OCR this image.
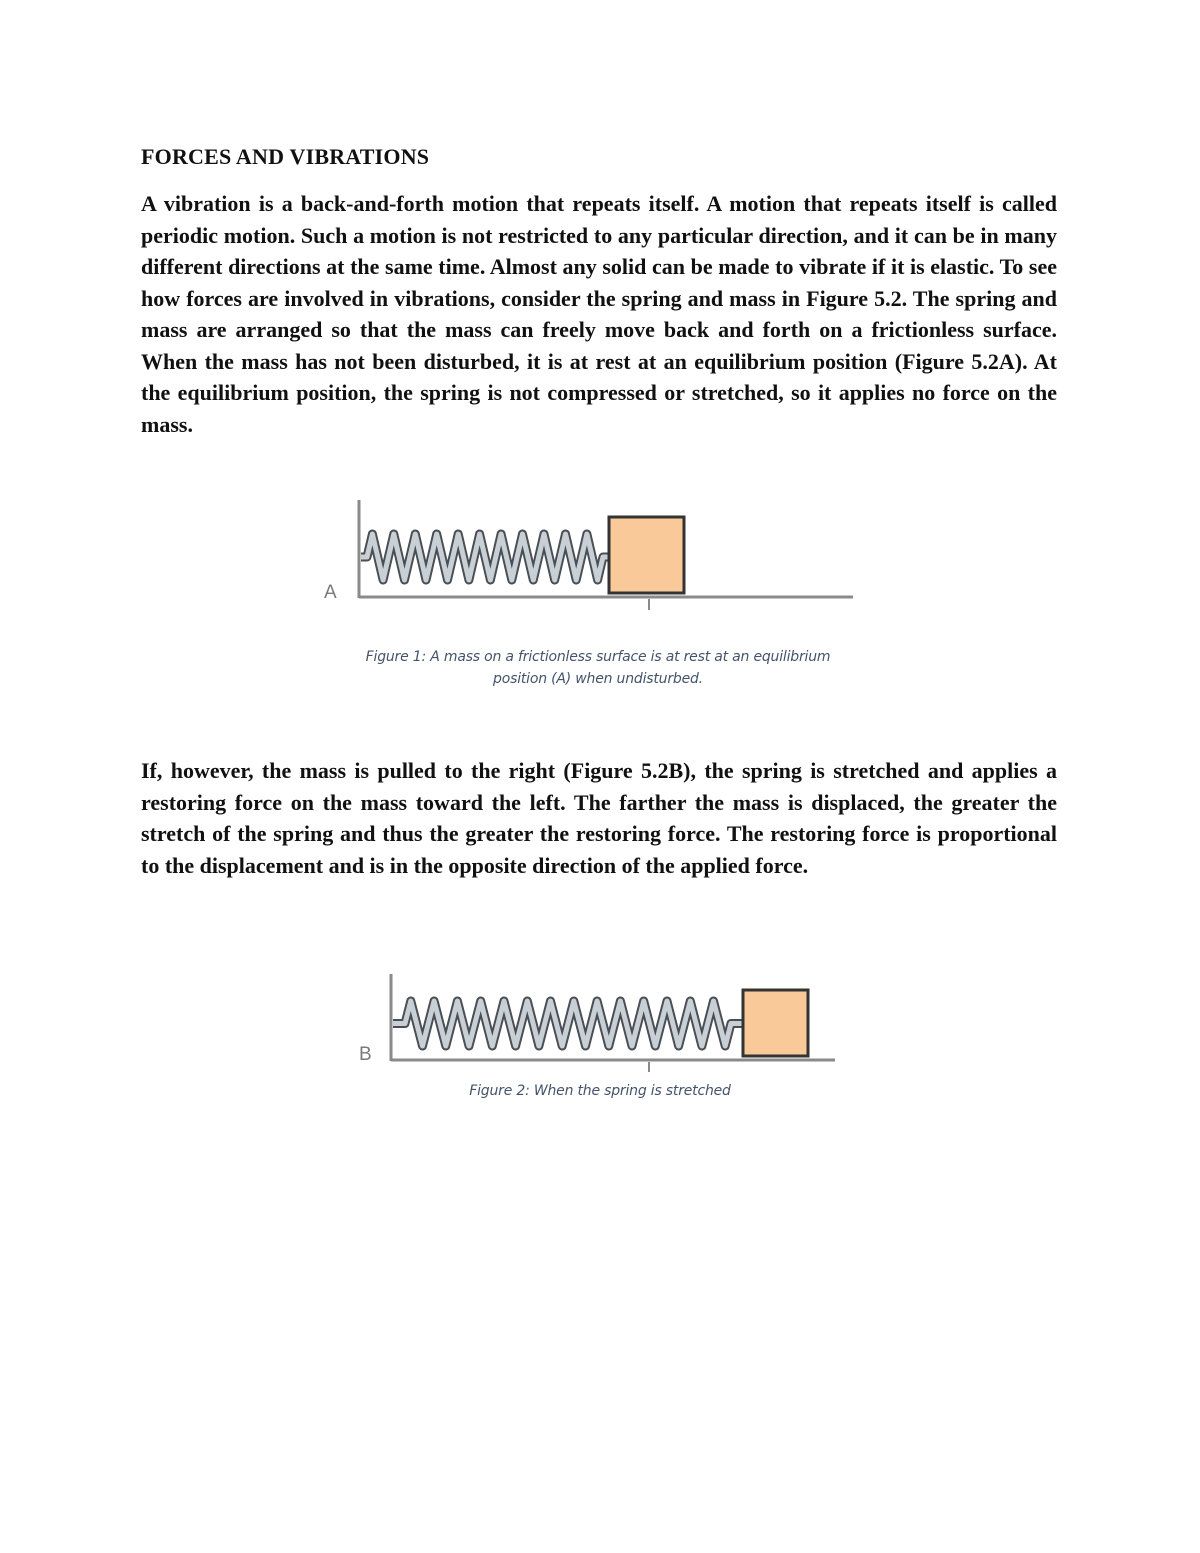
FORCES AND VIBRATIONS

A vibration is a back-and-forth motion that repeats itself. A motion that repeats itself is called periodic motion. Such a motion is not restricted to any particular direction, and it can be in many different directions at the same time. Almost any solid can be made to vibrate if it is elastic. To see how forces are involved in vibrations, consider the spring and mass in Figure 5.2. The spring and mass are arranged so that the mass can freely move back and forth on a frictionless surface. When the mass has not been disturbed, it is at rest at an equilibrium position (Figure 5.2A). At the equilibrium position, the spring is not compressed or stretched, so it applies no force on the mass.

A

Figure 1: A mass on a frictionless surface is at rest at an equilibrium position (A) when undisturbed.

If, however, the mass is pulled to the right (Figure 5.2B), the spring is stretched and applies a restoring force on the mass toward the left. The farther the mass is displaced, the greater the stretch of the spring and thus the greater the restoring force. The restoring force is proportional to the displacement and is in the opposite direction of the applied force.

B

Figure 2: When the spring is stretched
